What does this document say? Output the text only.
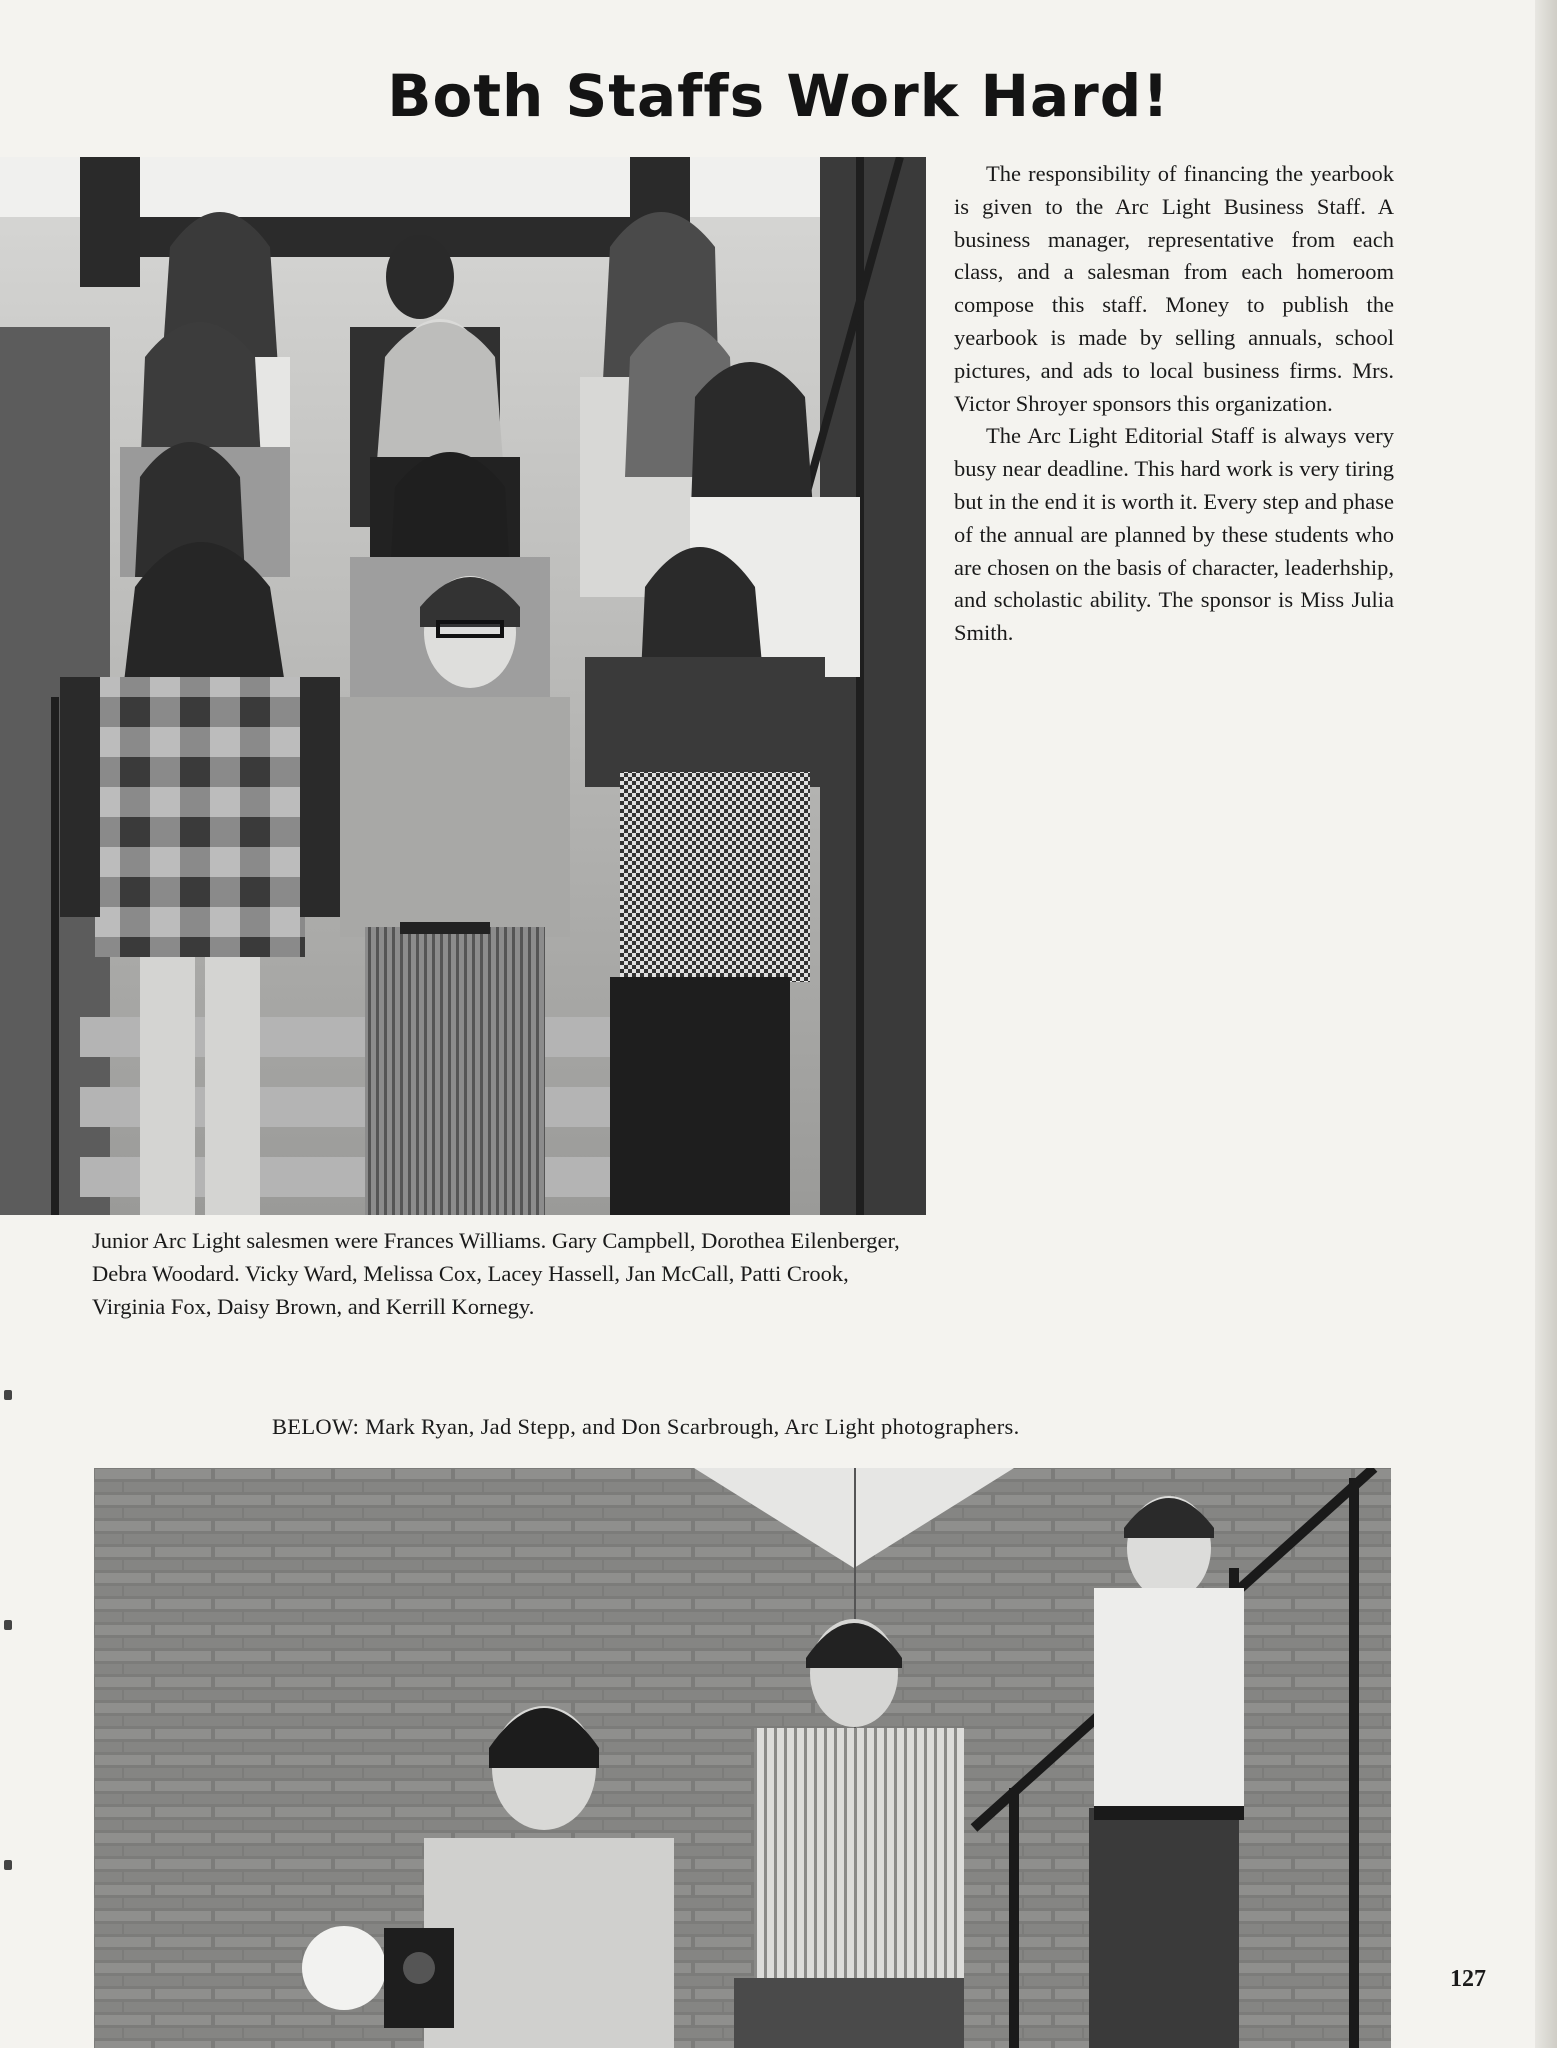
Both Staffs Work Hard!

The responsibility of financing the yearbook is given to the Arc Light Business Staff. A business manager, representative from each class, and a salesman from each homeroom compose this staff. Money to publish the yearbook is made by selling annuals, school pictures, and ads to local business firms. Mrs. Victor Shroyer sponsors this organization.

The Arc Light Editorial Staff is always very busy near deadline. This hard work is very tiring but in the end it is worth it. Every step and phase of the annual are planned by these students who are chosen on the basis of character, leaderhship, and scholastic ability. The sponsor is Miss Julia Smith.

Junior Arc Light salesmen were Frances Williams. Gary Campbell, Dorothea Eilenberger, Debra Woodard. Vicky Ward, Melissa Cox, Lacey Hassell, Jan McCall, Patti Crook, Virginia Fox, Daisy Brown, and Kerrill Kornegy.
BELOW: Mark Ryan, Jad Stepp, and Don Scarbrough, Arc Light photographers.
127
